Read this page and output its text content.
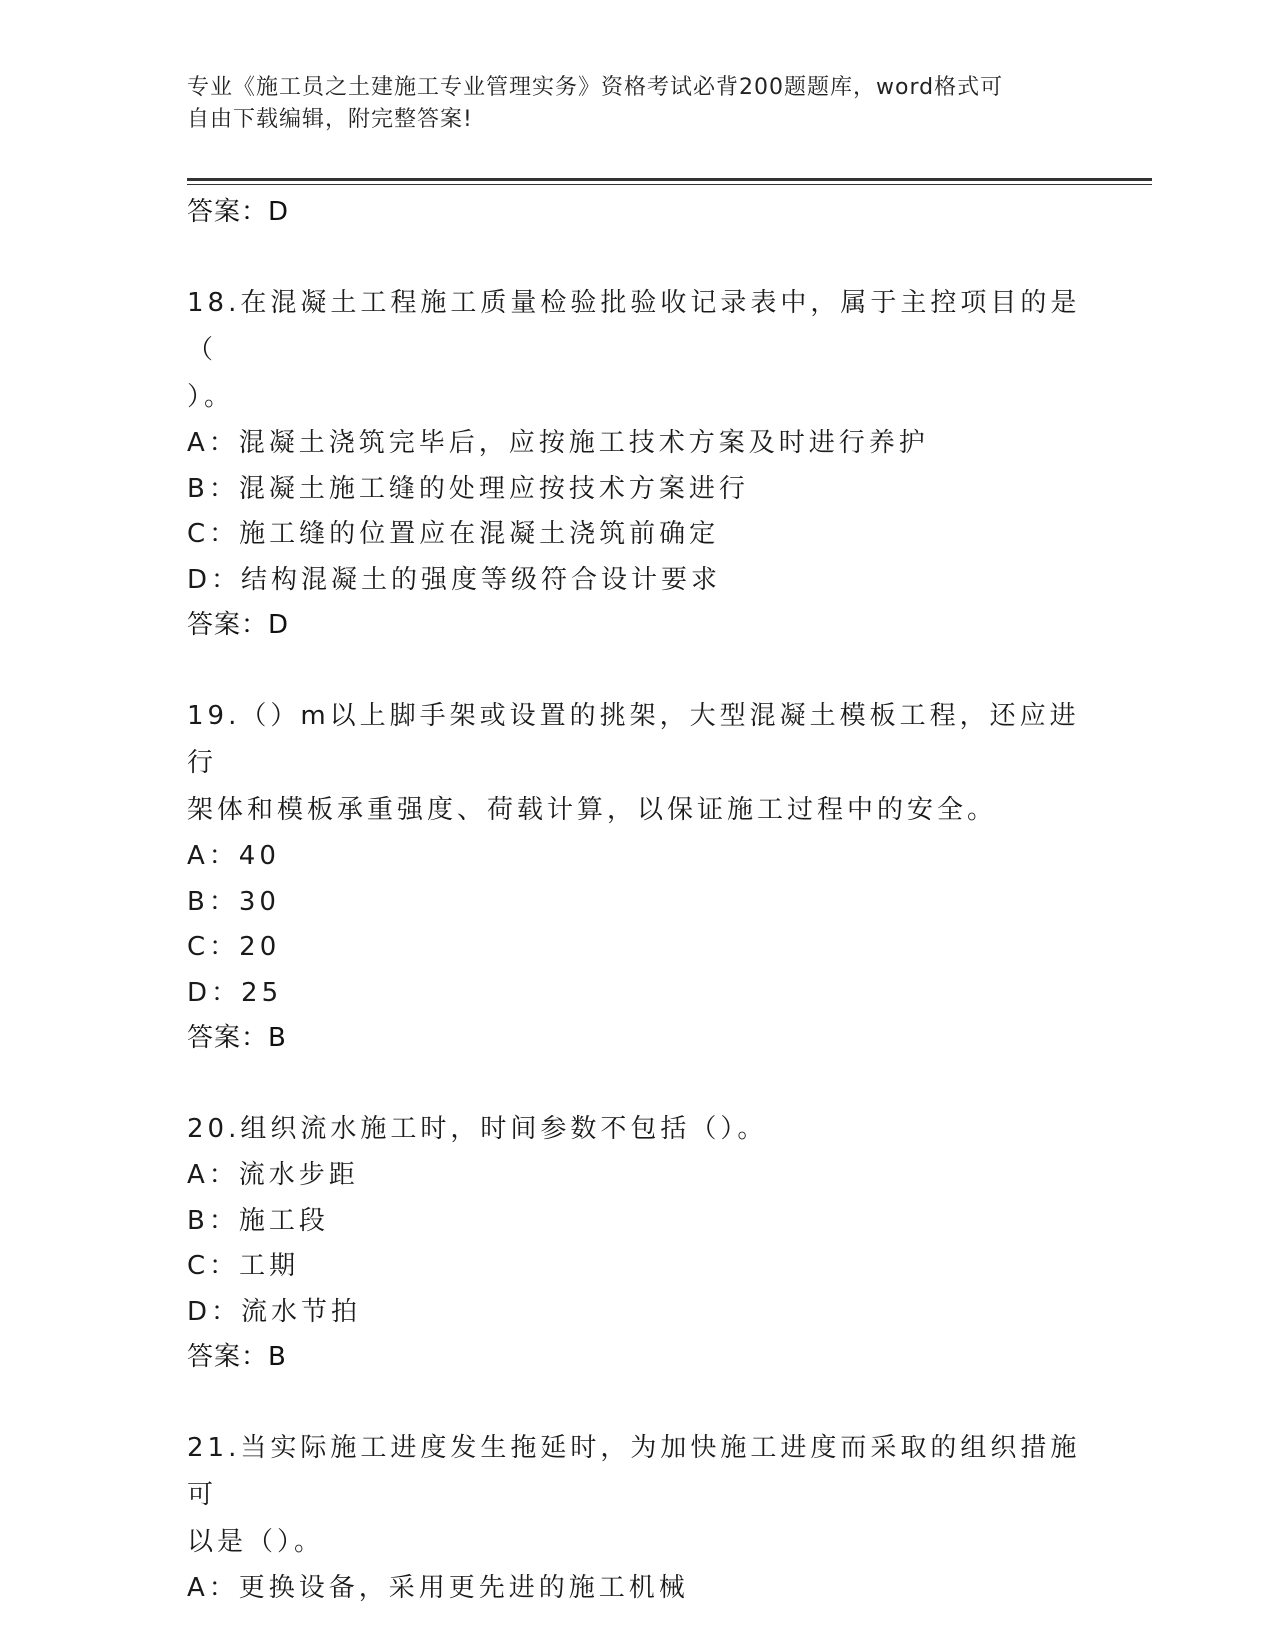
专业《施工员之土建施工专业管理实务》资格考试必背200题题库，word格式可
自由下载编辑，附完整答案!
答案：D
18.在混凝土工程施工质量检验批验收记录表中，属于主控项目的是（
）。
A：混凝土浇筑完毕后，应按施工技术方案及时进行养护
B：混凝土施工缝的处理应按技术方案进行
C：施工缝的位置应在混凝土浇筑前确定
D：结构混凝土的强度等级符合设计要求
答案：D
19.（）m以上脚手架或设置的挑架，大型混凝土模板工程，还应进行
架体和模板承重强度、荷载计算，以保证施工过程中的安全。
A：40
B：30
C：20
D：25
答案：B
20.组织流水施工时，时间参数不包括（）。
A：流水步距
B：施工段
C：工期
D：流水节拍
答案：B
21.当实际施工进度发生拖延时，为加快施工进度而采取的组织措施可
以是（）。
A：更换设备，采用更先进的施工机械
